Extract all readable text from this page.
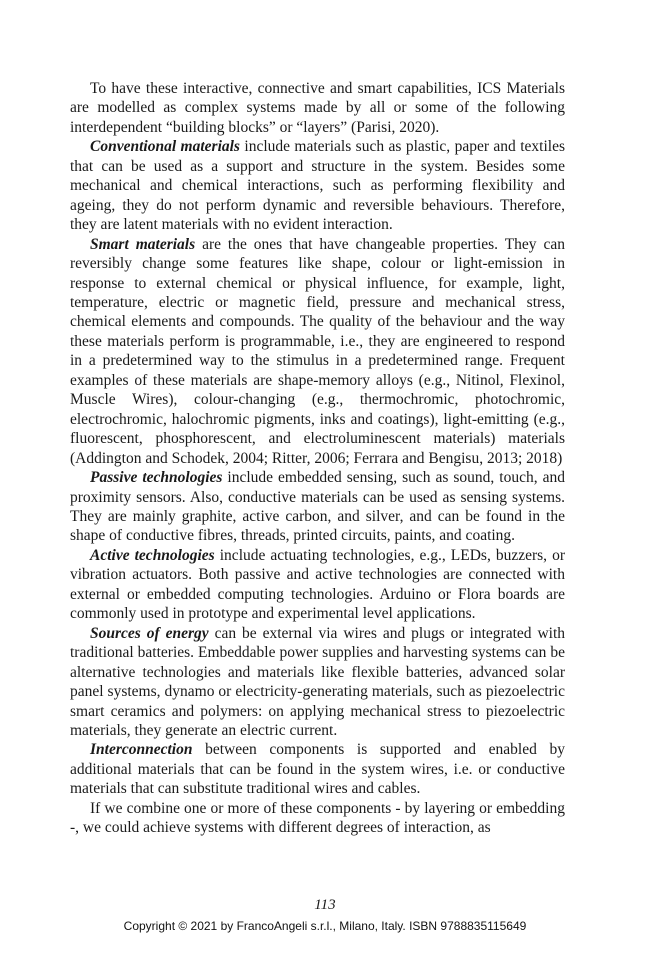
To have these interactive, connective and smart capabilities, ICS Materials are modelled as complex systems made by all or some of the following interdependent “building blocks” or “layers” (Parisi, 2020).

Conventional materials include materials such as plastic, paper and textiles that can be used as a support and structure in the system. Besides some mechanical and chemical interactions, such as performing flexibility and ageing, they do not perform dynamic and reversible behaviours. Therefore, they are latent materials with no evident interaction.

Smart materials are the ones that have changeable properties. They can reversibly change some features like shape, colour or light-emission in response to external chemical or physical influence, for example, light, temperature, electric or magnetic field, pressure and mechanical stress, chemical elements and compounds. The quality of the behaviour and the way these materials perform is programmable, i.e., they are engineered to respond in a predetermined way to the stimulus in a predetermined range. Frequent examples of these materials are shape-memory alloys (e.g., Nitinol, Flexinol, Muscle Wires), colour-changing (e.g., thermochromic, photochromic, electrochromic, halochromic pigments, inks and coatings), light-emitting (e.g., fluorescent, phosphorescent, and electroluminescent materials) materials (Addington and Schodek, 2004; Ritter, 2006; Ferrara and Bengisu, 2013; 2018)

Passive technologies include embedded sensing, such as sound, touch, and proximity sensors. Also, conductive materials can be used as sensing systems. They are mainly graphite, active carbon, and silver, and can be found in the shape of conductive fibres, threads, printed circuits, paints, and coating.

Active technologies include actuating technologies, e.g., LEDs, buzzers, or vibration actuators. Both passive and active technologies are connected with external or embedded computing technologies. Arduino or Flora boards are commonly used in prototype and experimental level applications.

Sources of energy can be external via wires and plugs or integrated with traditional batteries. Embeddable power supplies and harvesting systems can be alternative technologies and materials like flexible batteries, advanced solar panel systems, dynamo or electricity-generating materials, such as piezoelectric smart ceramics and polymers: on applying mechanical stress to piezoelectric materials, they generate an electric current.

Interconnection between components is supported and enabled by additional materials that can be found in the system wires, i.e. or conductive materials that can substitute traditional wires and cables.

If we combine one or more of these components - by layering or embedding -, we could achieve systems with different degrees of interaction, as

113
Copyright © 2021 by FrancoAngeli s.r.l., Milano, Italy. ISBN 9788835115649
